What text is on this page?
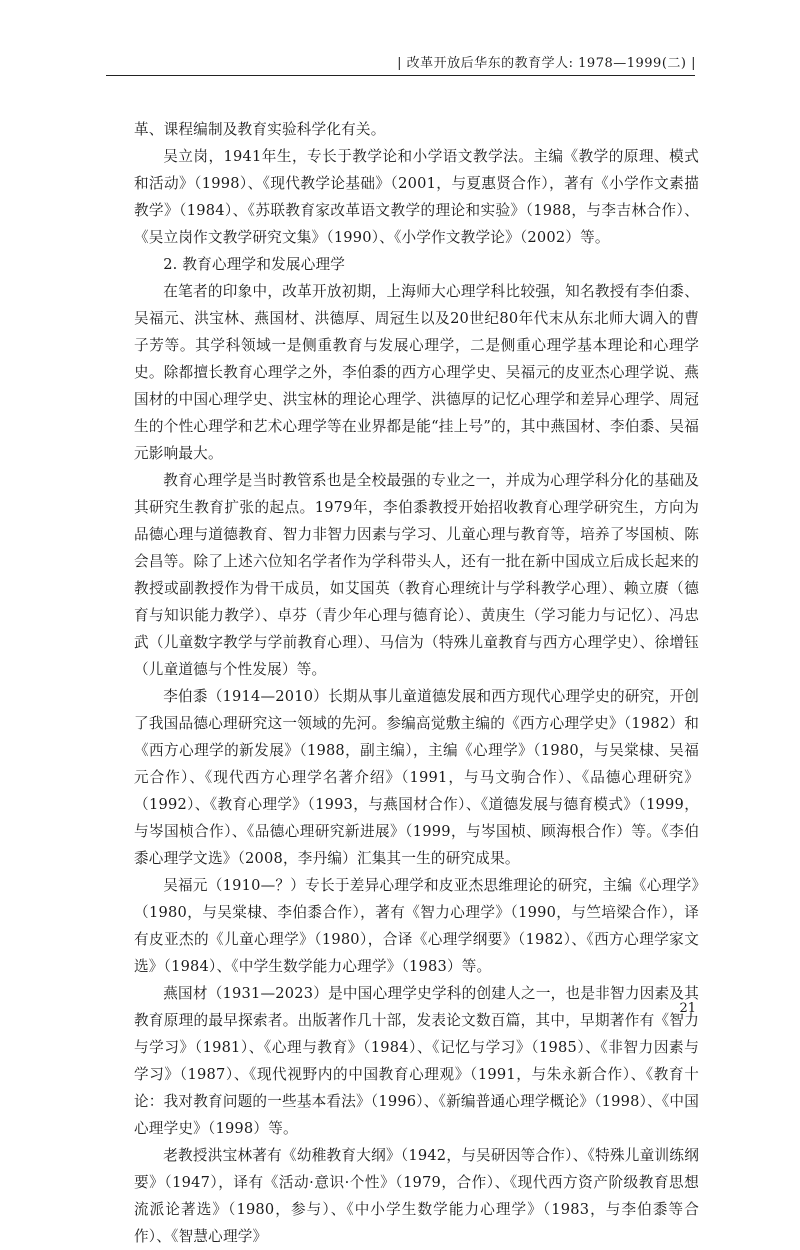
| 改革开放后华东的教育学人: 1978—1999(二) |

革、课程编制及教育实验科学化有关。

吴立岗，1941年生，专长于教学论和小学语文教学法。主编《教学的原理、模式和活动》（1998）、《现代教学论基础》（2001，与夏惠贤合作），著有《小学作文素描教学》（1984）、《苏联教育家改革语文教学的理论和实验》（1988，与李吉林合作）、《吴立岗作文教学研究文集》（1990）、《小学作文教学论》（2002）等。

2. 教育心理学和发展心理学

在笔者的印象中，改革开放初期，上海师大心理学科比较强，知名教授有李伯黍、吴福元、洪宝林、燕国材、洪德厚、周冠生以及20世纪80年代末从东北师大调入的曹子芳等。其学科领域一是侧重教育与发展心理学，二是侧重心理学基本理论和心理学史。除都擅长教育心理学之外，李伯黍的西方心理学史、吴福元的皮亚杰心理学说、燕国材的中国心理学史、洪宝林的理论心理学、洪德厚的记忆心理学和差异心理学、周冠生的个性心理学和艺术心理学等在业界都是能“挂上号”的，其中燕国材、李伯黍、吴福元影响最大。

教育心理学是当时教管系也是全校最强的专业之一，并成为心理学科分化的基础及其研究生教育扩张的起点。1979年，李伯黍教授开始招收教育心理学研究生，方向为品德心理与道德教育、智力非智力因素与学习、儿童心理与教育等，培养了岑国桢、陈会昌等。除了上述六位知名学者作为学科带头人，还有一批在新中国成立后成长起来的教授或副教授作为骨干成员，如艾国英（教育心理统计与学科教学心理）、赖立赓（德育与知识能力教学）、卓芬（青少年心理与德育论）、黄庚生（学习能力与记忆）、冯忠武（儿童数字教学与学前教育心理）、马信为（特殊儿童教育与西方心理学史）、徐增钰（儿童道德与个性发展）等。

李伯黍（1914—2010）长期从事儿童道德发展和西方现代心理学史的研究，开创了我国品德心理研究这一领域的先河。参编高觉敷主编的《西方心理学史》（1982）和《西方心理学的新发展》（1988，副主编），主编《心理学》（1980，与吴棠棣、吴福元合作）、《现代西方心理学名著介绍》（1991，与马文驹合作）、《品德心理研究》（1992）、《教育心理学》（1993，与燕国材合作）、《道德发展与德育模式》（1999，与岑国桢合作）、《品德心理研究新进展》（1999，与岑国桢、顾海根合作）等。《李伯黍心理学文选》（2008，李丹编）汇集其一生的研究成果。

吴福元（1910—？）专长于差异心理学和皮亚杰思维理论的研究，主编《心理学》（1980，与吴棠棣、李伯黍合作），著有《智力心理学》（1990，与竺培梁合作），译有皮亚杰的《儿童心理学》（1980），合译《心理学纲要》（1982）、《西方心理学家文选》（1984）、《中学生数学能力心理学》（1983）等。

燕国材（1931—2023）是中国心理学史学科的创建人之一，也是非智力因素及其教育原理的最早探索者。出版著作几十部，发表论文数百篇，其中，早期著作有《智力与学习》（1981）、《心理与教育》（1984）、《记忆与学习》（1985）、《非智力因素与学习》（1987）、《现代视野内的中国教育心理观》（1991，与朱永新合作）、《教育十论：我对教育问题的一些基本看法》（1996）、《新编普通心理学概论》（1998）、《中国心理学史》（1998）等。

老教授洪宝林著有《幼稚教育大纲》（1942，与吴研因等合作）、《特殊儿童训练纲要》（1947），译有《活动·意识·个性》（1979，合作）、《现代西方资产阶级教育思想流派论著选》（1980，参与）、《中小学生数学能力心理学》（1983，与李伯黍等合作）、《智慧心理学》

21
